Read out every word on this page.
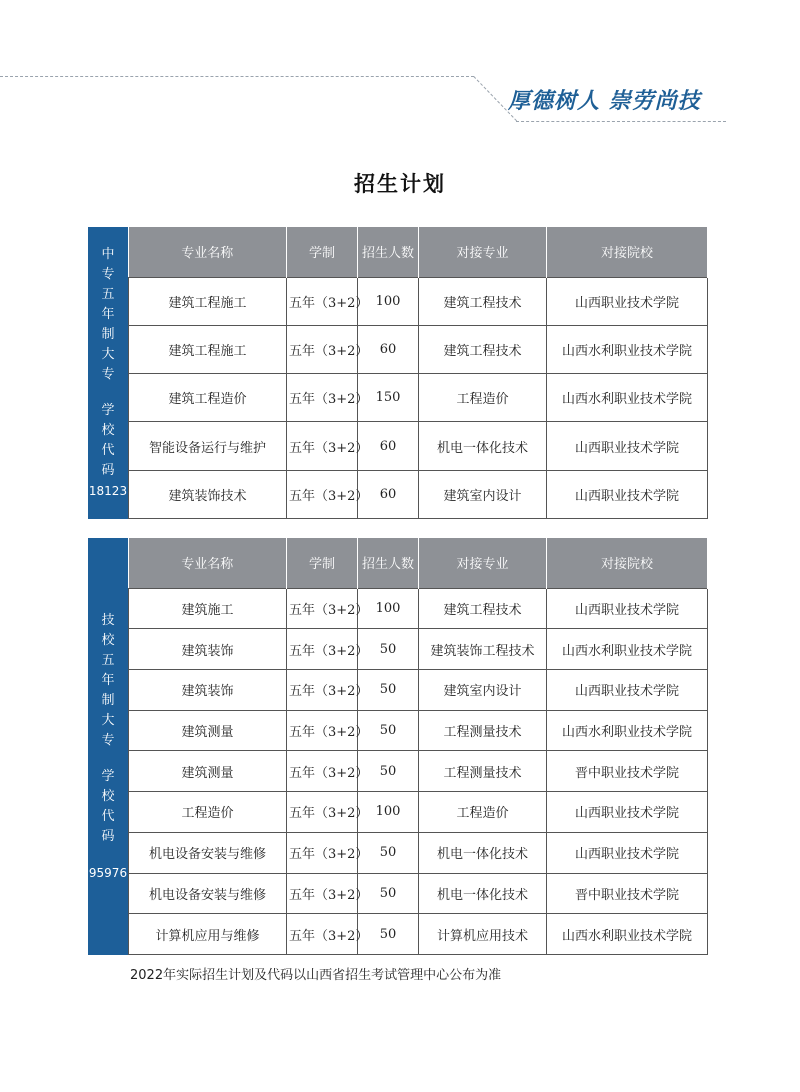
厚德树人 崇劳尚技
招生计划
中
专
五
年
制
大
专
学
校
代
码
18123
专业名称	学制	招生人数	对接专业	对接院校
建筑工程施工	五年（3+2）	100	建筑工程技术	山西职业技术学院
建筑工程施工	五年（3+2）	60	建筑工程技术	山西水利职业技术学院
建筑工程造价	五年（3+2）	150	工程造价	山西水利职业技术学院
智能设备运行与维护	五年（3+2）	60	机电一体化技术	山西职业技术学院
建筑装饰技术	五年（3+2）	60	建筑室内设计	山西职业技术学院
技
校
五
年
制
大
专
学
校
代
码
95976
专业名称	学制	招生人数	对接专业	对接院校
建筑施工	五年（3+2）	100	建筑工程技术	山西职业技术学院
建筑装饰	五年（3+2）	50	建筑装饰工程技术	山西水利职业技术学院
建筑装饰	五年（3+2）	50	建筑室内设计	山西职业技术学院
建筑测量	五年（3+2）	50	工程测量技术	山西水利职业技术学院
建筑测量	五年（3+2）	50	工程测量技术	晋中职业技术学院
工程造价	五年（3+2）	100	工程造价	山西职业技术学院
机电设备安装与维修	五年（3+2）	50	机电一体化技术	山西职业技术学院
机电设备安装与维修	五年（3+2）	50	机电一体化技术	晋中职业技术学院
计算机应用与维修	五年（3+2）	50	计算机应用技术	山西水利职业技术学院
2022年实际招生计划及代码以山西省招生考试管理中心公布为准
